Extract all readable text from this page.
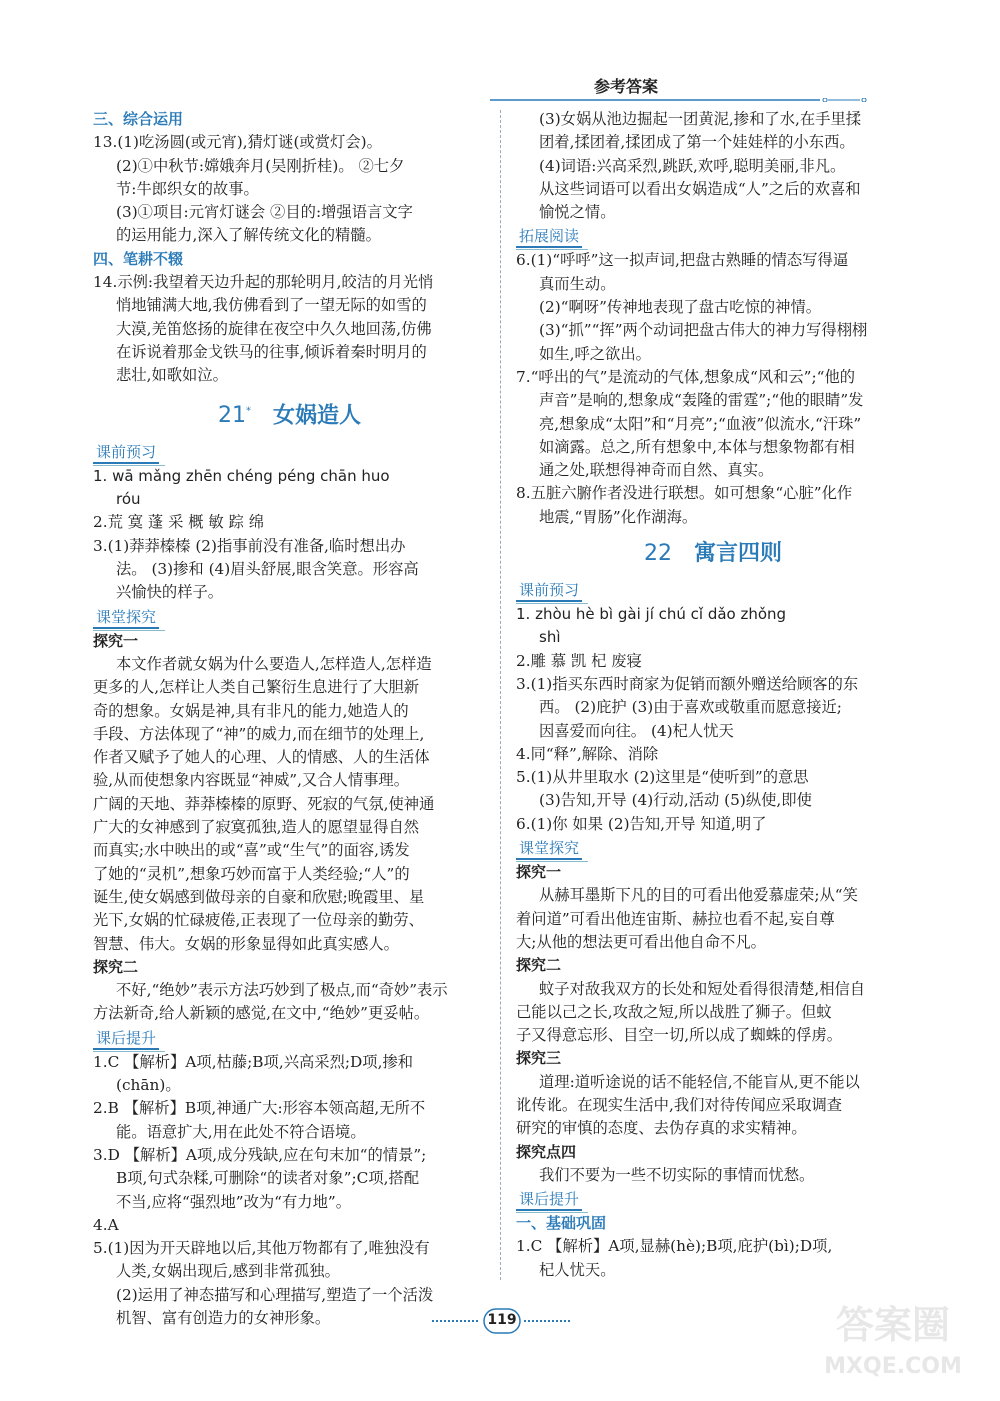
参考答案
三、综合运用
13.(1)吃汤圆(或元宵),猜灯谜(或赏灯会)。
(2)①中秋节:嫦娥奔月(吴刚折桂)。 ②七夕
节:牛郎织女的故事。
(3)①项目:元宵灯谜会 ②目的:增强语言文字
的运用能力,深入了解传统文化的精髓。
四、笔耕不辍
14.示例:我望着天边升起的那轮明月,皎洁的月光悄
悄地铺满大地,我仿佛看到了一望无际的如雪的
大漠,羌笛悠扬的旋律在夜空中久久地回荡,仿佛
在诉说着那金戈铁马的往事,倾诉着秦时明月的
悲壮,如歌如泣。
21* 女娲造人
课前预习
1. wā mǎng zhēn chéng péng chān huo
róu
2.荒 寞 蓬 采 概 敏 踪 绵
3.(1)莽莽榛榛 (2)指事前没有准备,临时想出办
法。 (3)掺和 (4)眉头舒展,眼含笑意。形容高
兴愉快的样子。
课堂探究
探究一
本文作者就女娲为什么要造人,怎样造人,怎样造
更多的人,怎样让人类自己繁衍生息进行了大胆新
奇的想象。女娲是神,具有非凡的能力,她造人的
手段、方法体现了“神”的威力,而在细节的处理上,
作者又赋予了她人的心理、人的情感、人的生活体
验,从而使想象内容既显“神威”,又合人情事理。
广阔的天地、莽莽榛榛的原野、死寂的气氛,使神通
广大的女神感到了寂寞孤独,造人的愿望显得自然
而真实;水中映出的或“喜”或“生气”的面容,诱发
了她的“灵机”,想象巧妙而富于人类经验;“人”的
诞生,使女娲感到做母亲的自豪和欣慰;晚霞里、星
光下,女娲的忙碌疲倦,正表现了一位母亲的勤劳、
智慧、伟大。女娲的形象显得如此真实感人。
探究二
不好,“绝妙”表示方法巧妙到了极点,而“奇妙”表示
方法新奇,给人新颖的感觉,在文中,“绝妙”更妥帖。
课后提升
1.C 【解析】A项,枯藤;B项,兴高采烈;D项,掺和
(chān)。
2.B 【解析】B项,神通广大:形容本领高超,无所不
能。语意扩大,用在此处不符合语境。
3.D 【解析】A项,成分残缺,应在句末加“的情景”;
B项,句式杂糅,可删除“的读者对象”;C项,搭配
不当,应将“强烈地”改为“有力地”。
4.A
5.(1)因为开天辟地以后,其他万物都有了,唯独没有
人类,女娲出现后,感到非常孤独。
(2)运用了神态描写和心理描写,塑造了一个活泼
机智、富有创造力的女神形象。
(3)女娲从池边掘起一团黄泥,掺和了水,在手里揉
团着,揉团着,揉团成了第一个娃娃样的小东西。
(4)词语:兴高采烈,跳跃,欢呼,聪明美丽,非凡。
从这些词语可以看出女娲造成“人”之后的欢喜和
愉悦之情。
拓展阅读
6.(1)“呼呼”这一拟声词,把盘古熟睡的情态写得逼
真而生动。
(2)“啊呀”传神地表现了盘古吃惊的神情。
(3)“抓”“挥”两个动词把盘古伟大的神力写得栩栩
如生,呼之欲出。
7.“呼出的气”是流动的气体,想象成“风和云”;“他的
声音”是响的,想象成“轰隆的雷霆”;“他的眼睛”发
亮,想象成“太阳”和“月亮”;“血液”似流水,“汗珠”
如滴露。总之,所有想象中,本体与想象物都有相
通之处,联想得神奇而自然、真实。
8.五脏六腑作者没进行联想。如可想象“心脏”化作
地震,“胃肠”化作湖海。
22 寓言四则
课前预习
1. zhòu hè bì gài jí chú cǐ dǎo zhǒng
shì
2.雕 慕 凯 杞 废寝
3.(1)指买东西时商家为促销而额外赠送给顾客的东
西。 (2)庇护 (3)由于喜欢或敬重而愿意接近;
因喜爱而向往。 (4)杞人忧天
4.同“释”,解除、消除
5.(1)从井里取水 (2)这里是“使听到”的意思
(3)告知,开导 (4)行动,活动 (5)纵使,即使
6.(1)你 如果 (2)告知,开导 知道,明了
课堂探究
探究一
从赫耳墨斯下凡的目的可看出他爱慕虚荣;从“笑
着问道”可看出他连宙斯、赫拉也看不起,妄自尊
大;从他的想法更可看出他自命不凡。
探究二
蚊子对敌我双方的长处和短处看得很清楚,相信自
己能以己之长,攻敌之短,所以战胜了狮子。但蚊
子又得意忘形、目空一切,所以成了蜘蛛的俘虏。
探究三
道理:道听途说的话不能轻信,不能盲从,更不能以
讹传讹。在现实生活中,我们对待传闻应采取调查
研究的审慎的态度、去伪存真的求实精神。
探究点四
我们不要为一些不切实际的事情而忧愁。
课后提升
一、基础巩固
1.C 【解析】A项,显赫(hè);B项,庇护(bì);D项,
杞人忧天。
119	答案圈
MXQE.COM
